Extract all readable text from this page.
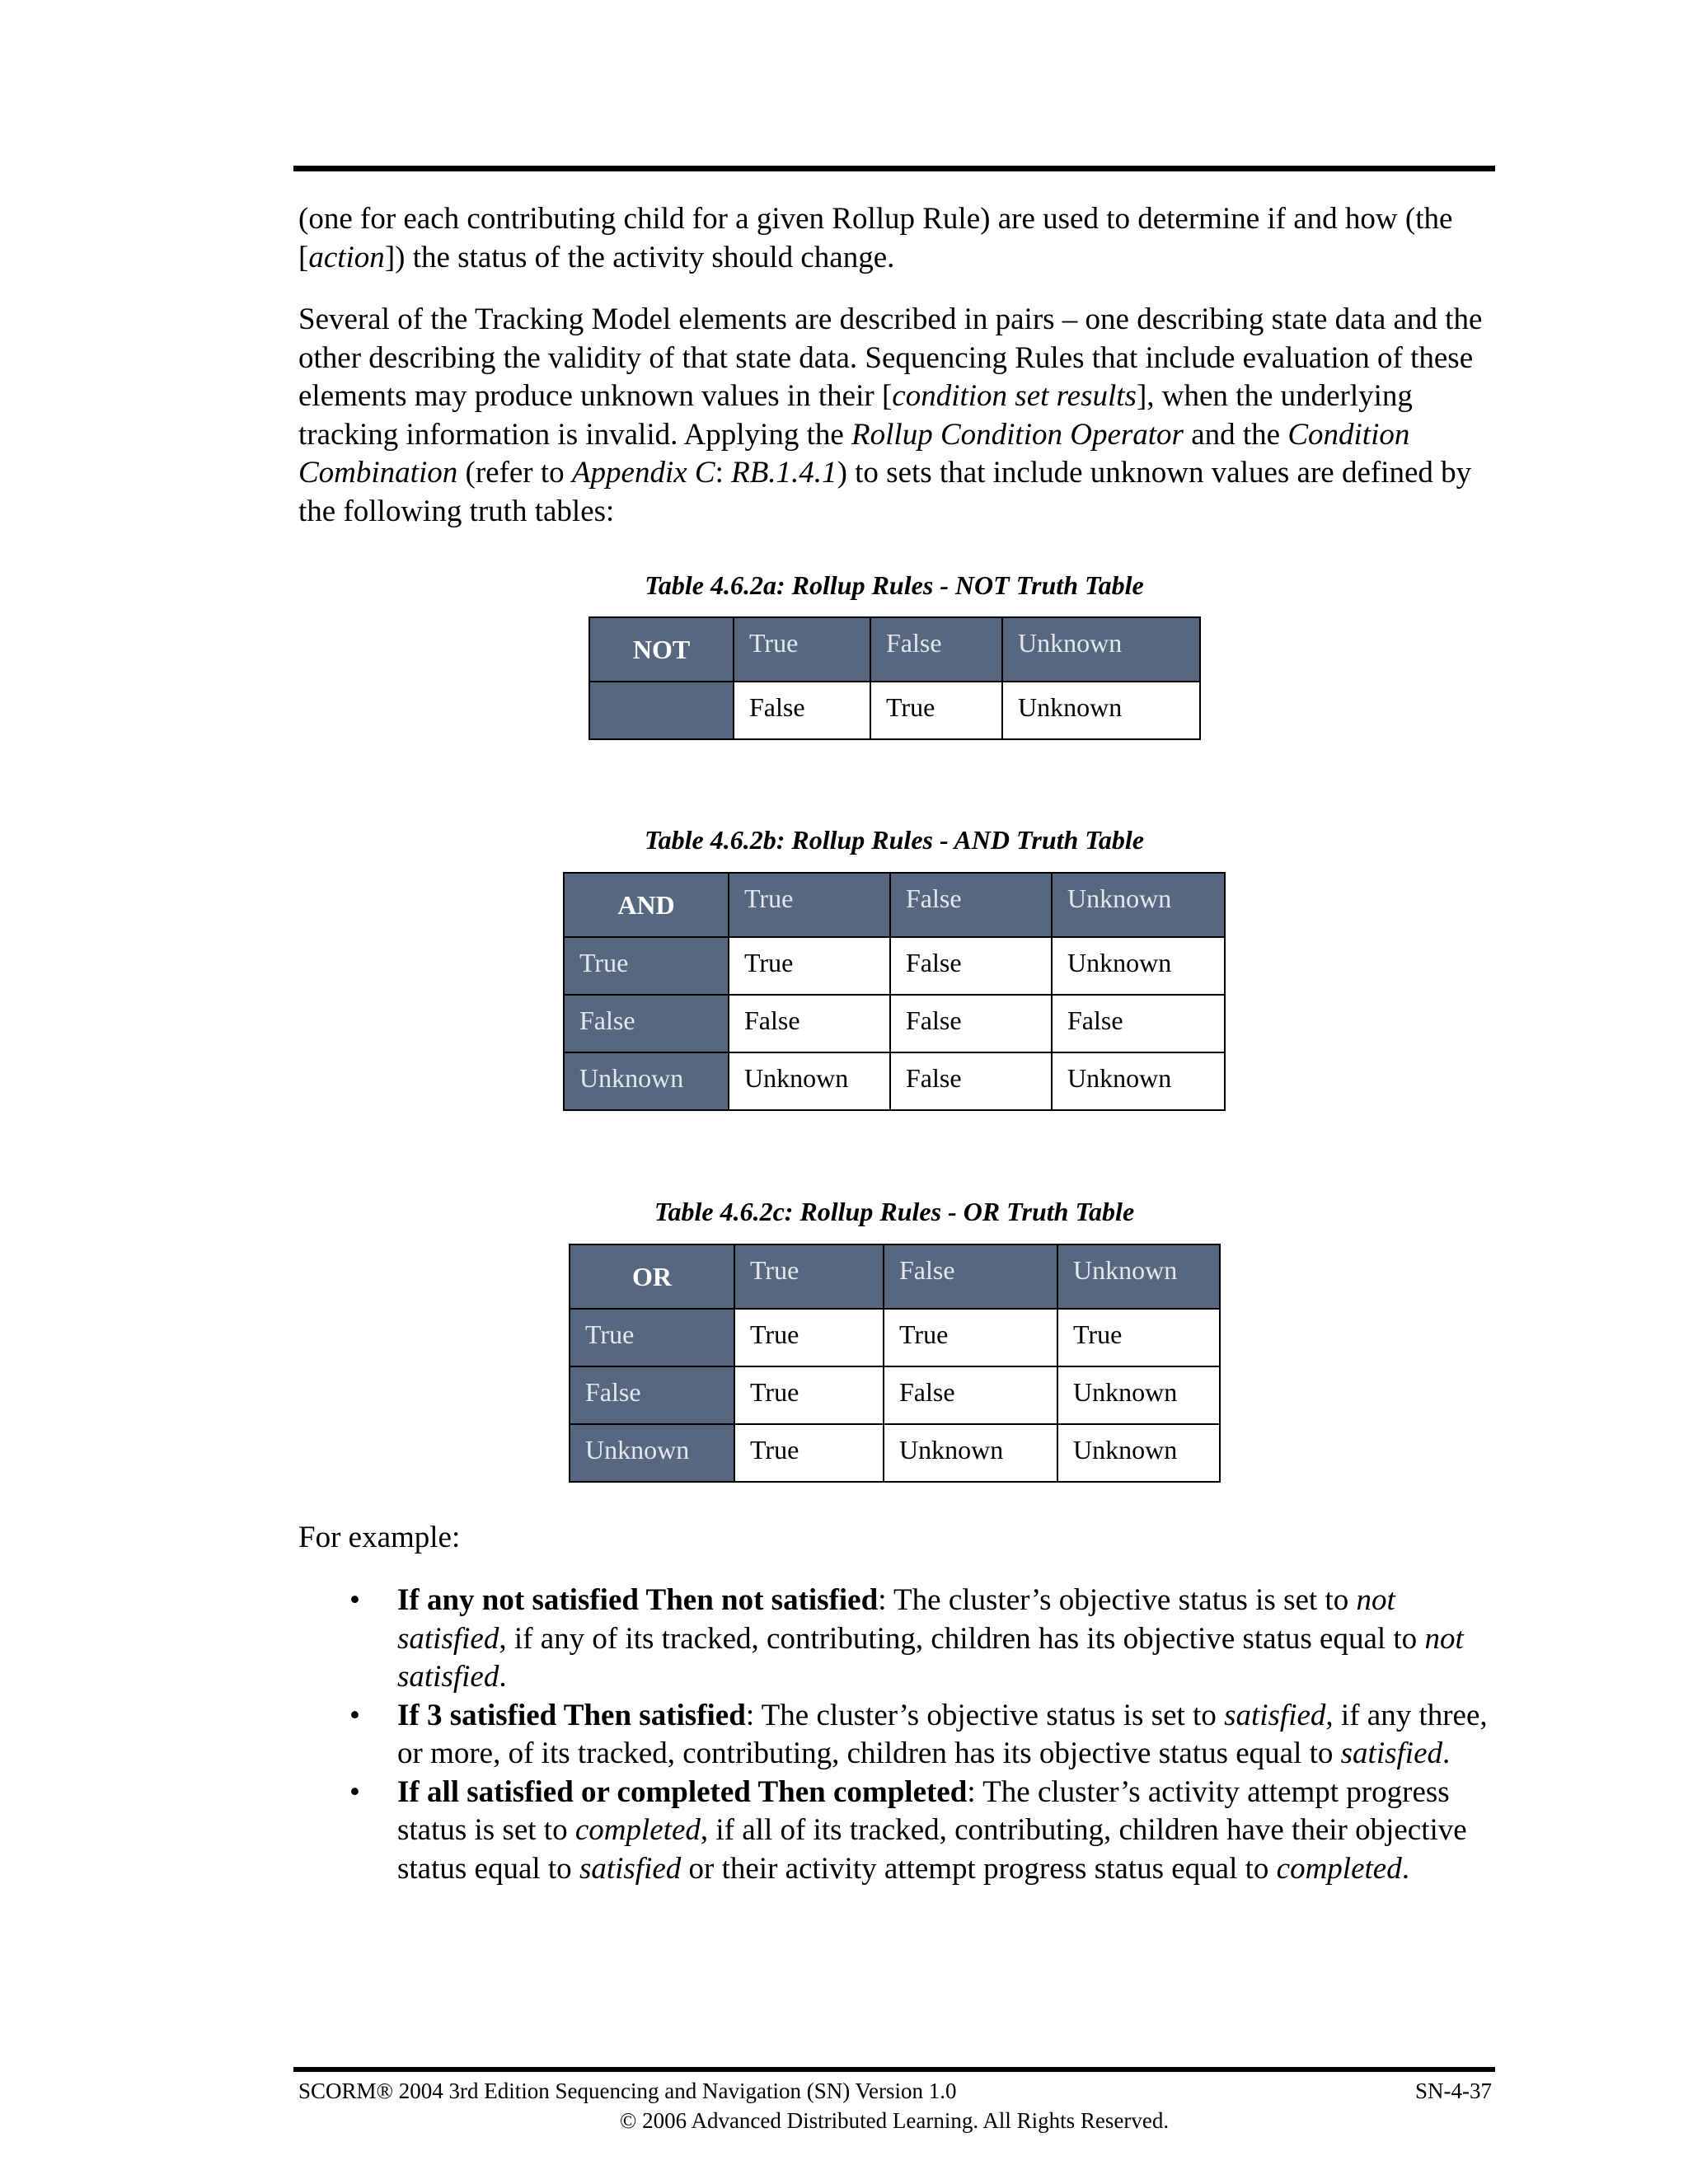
(one for each contributing child for a given Rollup Rule) are used to determine if and how (the [action]) the status of the activity should change.

Several of the Tracking Model elements are described in pairs – one describing state data and the other describing the validity of that state data. Sequencing Rules that include evaluation of these elements may produce unknown values in their [condition set results], when the underlying tracking information is invalid. Applying the Rollup Condition Operator and the Condition Combination (refer to Appendix C: RB.1.4.1) to sets that include unknown values are defined by the following truth tables:

Table 4.6.2a: Rollup Rules - NOT Truth Table

NOT	True	False	Unknown
	False	True	Unknown

Table 4.6.2b: Rollup Rules - AND Truth Table

AND	True	False	Unknown
True	True	False	Unknown
False	False	False	False
Unknown	Unknown	False	Unknown

Table 4.6.2c: Rollup Rules - OR Truth Table

OR	True	False	Unknown
True	True	True	True
False	True	False	Unknown
Unknown	True	Unknown	Unknown

For example:

• If any not satisfied Then not satisfied: The cluster’s objective status is set to not satisfied, if any of its tracked, contributing, children has its objective status equal to not satisfied.
• If 3 satisfied Then satisfied: The cluster’s objective status is set to satisfied, if any three, or more, of its tracked, contributing, children has its objective status equal to satisfied.
• If all satisfied or completed Then completed: The cluster’s activity attempt progress status is set to completed, if all of its tracked, contributing, children have their objective status equal to satisfied or their activity attempt progress status equal to completed.

SCORM® 2004 3rd Edition Sequencing and Navigation (SN) Version 1.0	SN-4-37

© 2006 Advanced Distributed Learning. All Rights Reserved.
